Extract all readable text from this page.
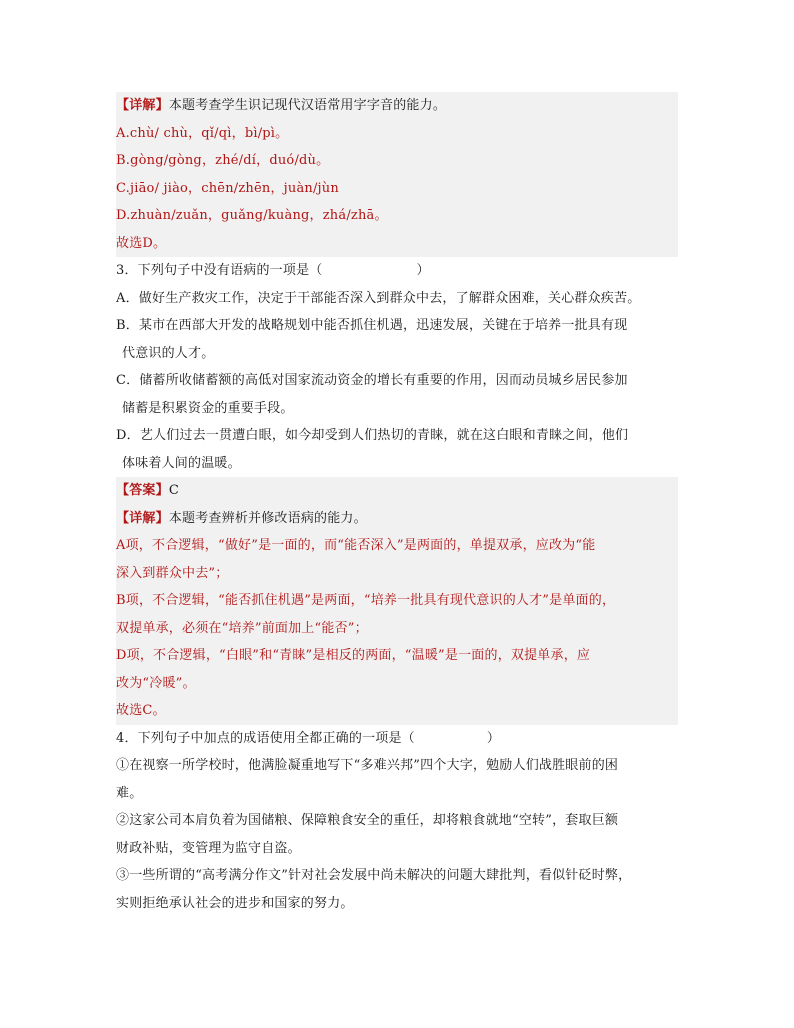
【详解】本题考查学生识记现代汉语常用字字音的能力。
A.chù/ chù，qǐ/qì，bì/pì。
B.gòng/gòng，zhé/dí，duó/dù。
C.jiāo/ jiào，chēn/zhēn，juàn/jùn
D.zhuàn/zuǎn，guǎng/kuàng，zhá/zhā。
故选D。
3．下列句子中没有语病的一项是（	）
A．做好生产救灾工作，决定于干部能否深入到群众中去，了解群众困难，关心群众疾苦。
B．某市在西部大开发的战略规划中能否抓住机遇，迅速发展，关键在于培养一批具有现
代意识的人才。
C．储蓄所收储蓄额的高低对国家流动资金的增长有重要的作用，因而动员城乡居民参加
储蓄是积累资金的重要手段。
D．艺人们过去一贯遭白眼，如今却受到人们热切的青睐，就在这白眼和青睐之间，他们
体味着人间的温暖。
【答案】C
【详解】本题考查辨析并修改语病的能力。
A项，不合逻辑，“做好”是一面的，而“能否深入”是两面的，单提双承，应改为“能
深入到群众中去”；
B项，不合逻辑，“能否抓住机遇”是两面，“培养一批具有现代意识的人才”是单面的，
双提单承，必须在“培养”前面加上“能否”；
D项，不合逻辑，“白眼”和“青睐”是相反的两面，“温暖”是一面的，双提单承，应
改为“冷暖”。
故选C。
4．下列句子中加点的成语使用全都正确的一项是（	）
①在视察一所学校时，他满脸凝重地写下“多难兴邦”四个大字，勉励人们战胜眼前的困
难。
②这家公司本肩负着为国储粮、保障粮食安全的重任，却将粮食就地“空转”，套取巨额
财政补贴，变管理为监守自盗。
③一些所谓的“高考满分作文”针对社会发展中尚未解决的问题大肆批判，看似针砭时弊，
实则拒绝承认社会的进步和国家的努力。
